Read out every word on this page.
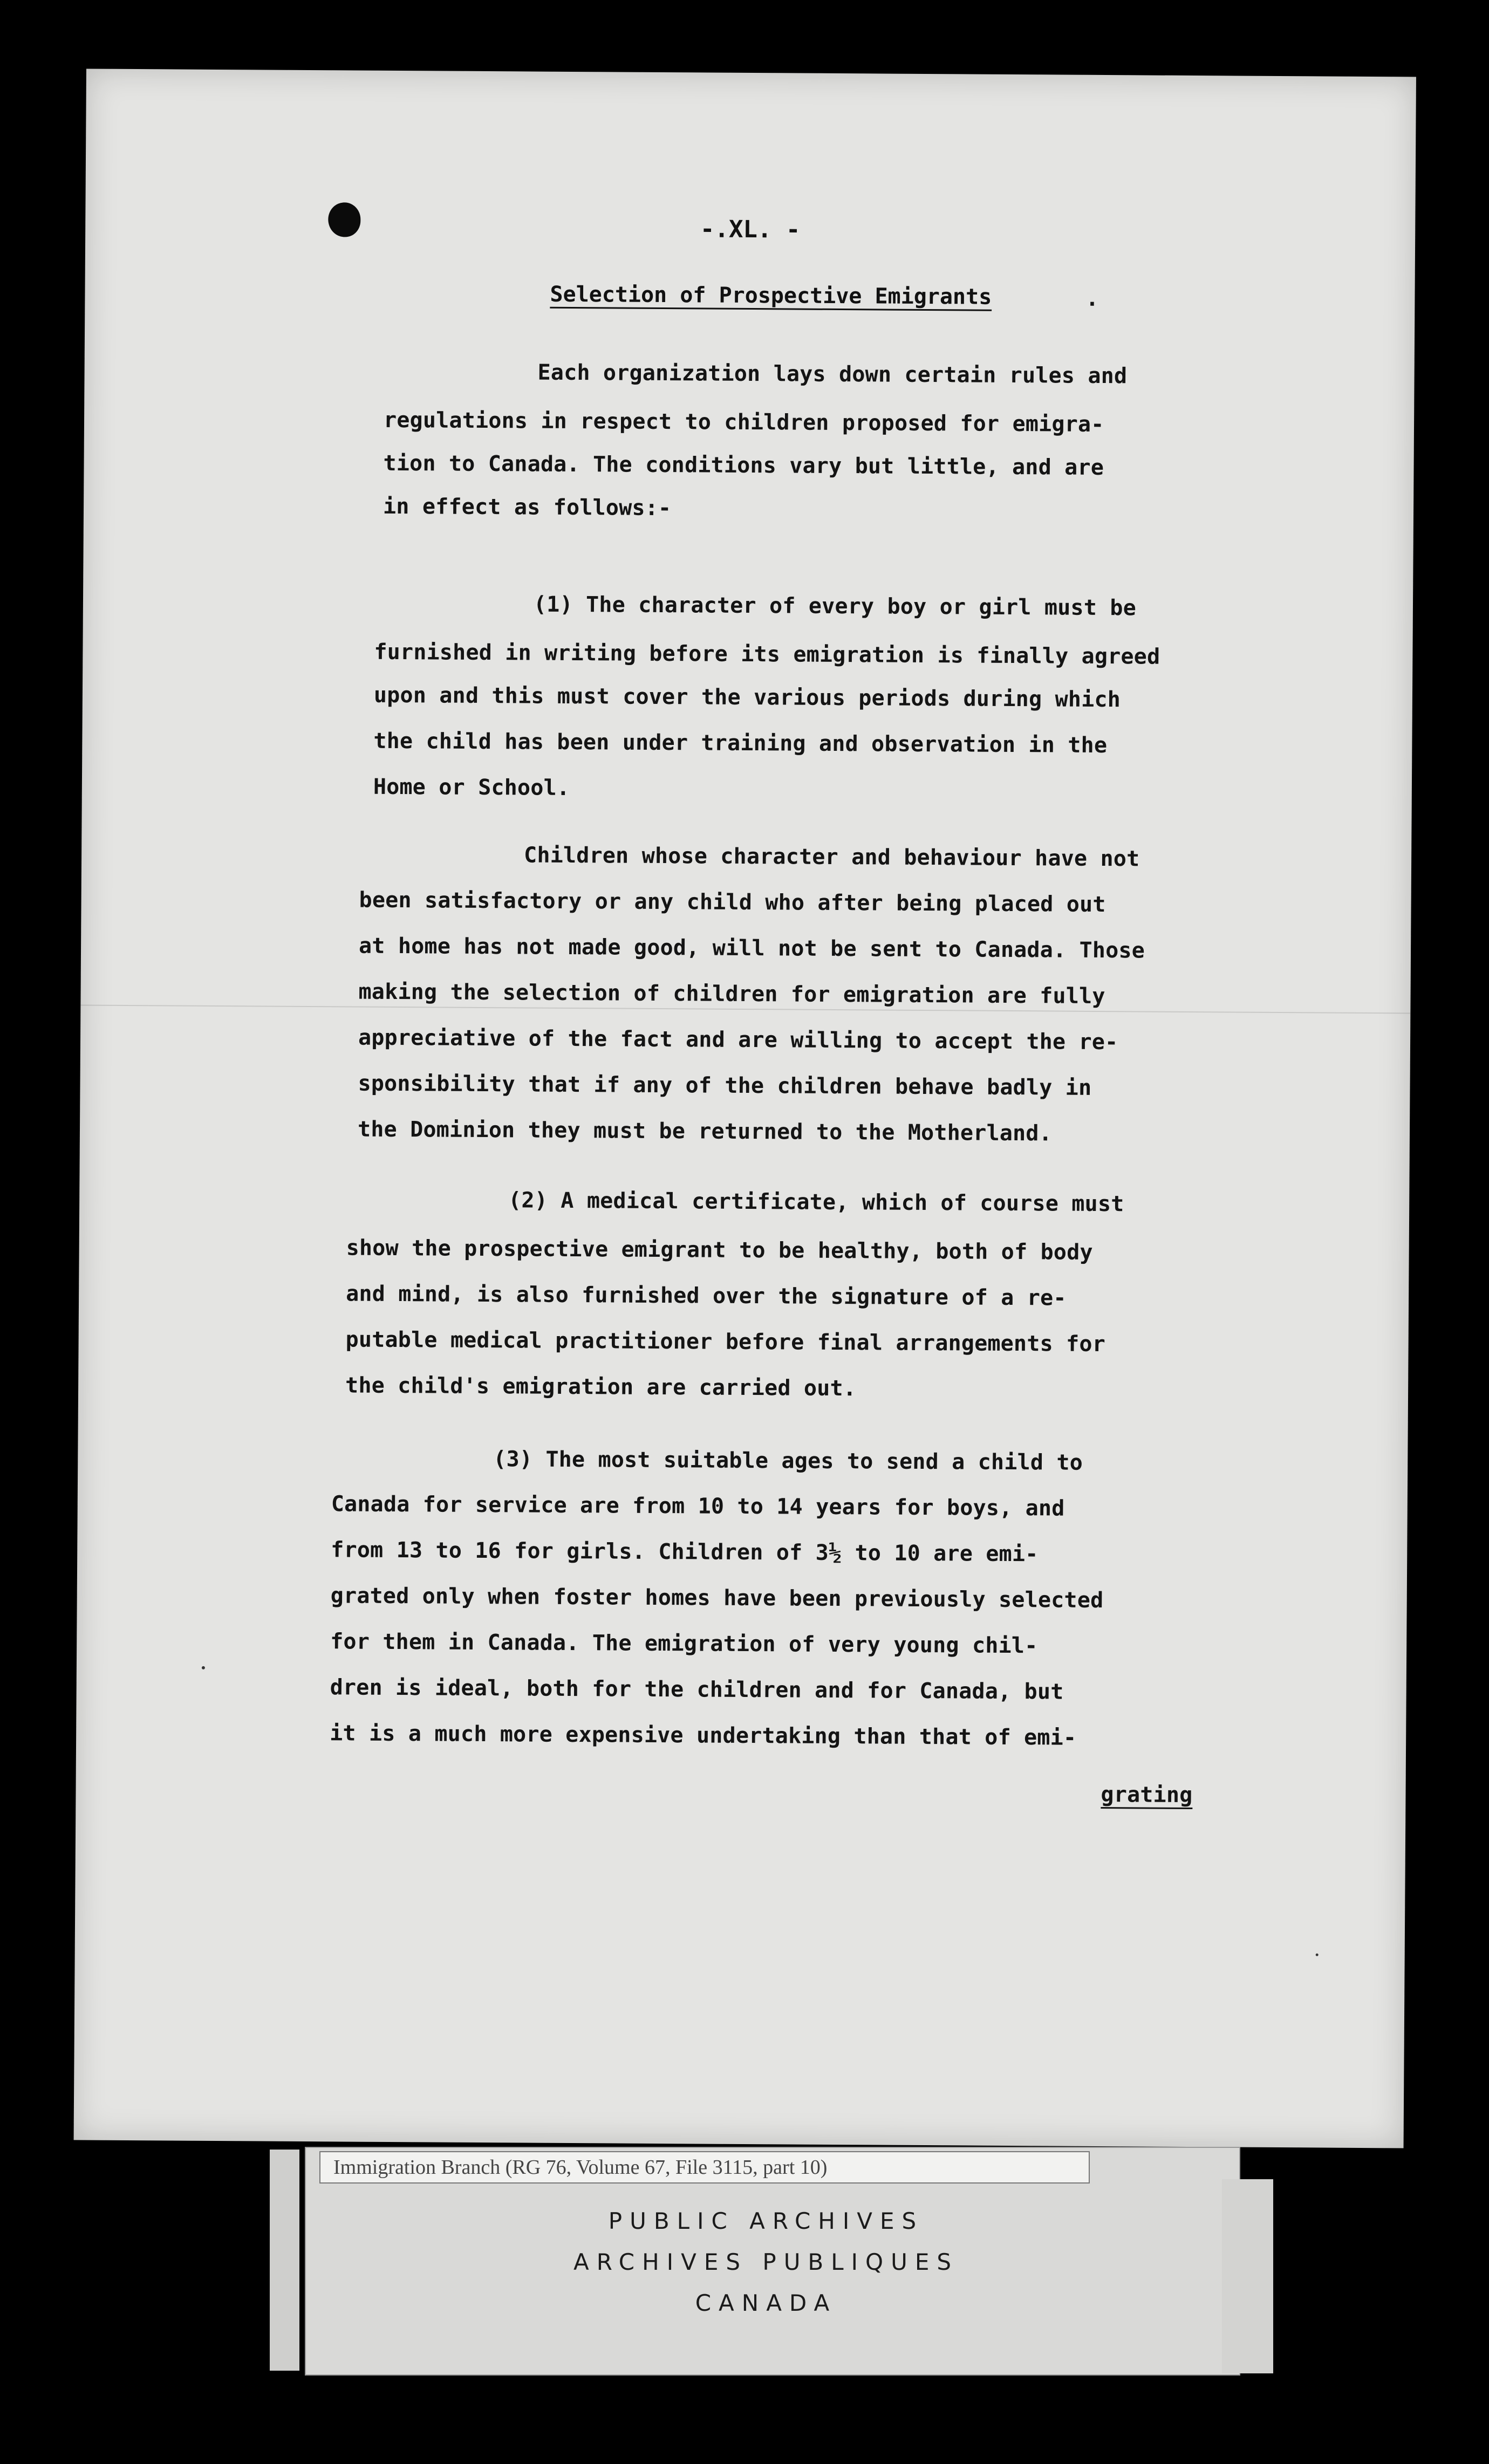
-.XL. -
Selection of Prospective Emigrants	.
Each organization lays down certain rules and
regulations in respect to children proposed for emigra-
tion to Canada. The conditions vary but little, and are
in effect as follows:-
(1) The character of every boy or girl must be
furnished in writing before its emigration is finally agreed
upon and this must cover the various periods during which
the child has been under training and observation in the
Home or School.
Children whose character and behaviour have not
been satisfactory or any child who after being placed out
at home has not made good, will not be sent to Canada. Those
making the selection of children for emigration are fully
appreciative of the fact and are willing to accept the re-
sponsibility that if any of the children behave badly in
the Dominion they must be returned to the Motherland.
(2) A medical certificate, which of course must
show the prospective emigrant to be healthy, both of body
and mind, is also furnished over the signature of a re-
putable medical practitioner before final arrangements for
the child's emigration are carried out.
(3) The most suitable ages to send a child to
Canada for service are from 10 to 14 years for boys, and
from 13 to 16 for girls. Children of 3½ to 10 are emi-
grated only when foster homes have been previously selected
for them in Canada. The emigration of very young chil-
dren is ideal, both for the children and for Canada, but
it is a much more expensive undertaking than that of emi-
grating
Immigration Branch (RG 76, Volume 67, File 3115, part 10)
PUBLIC ARCHIVES
ARCHIVES PUBLIQUES
CANADA
